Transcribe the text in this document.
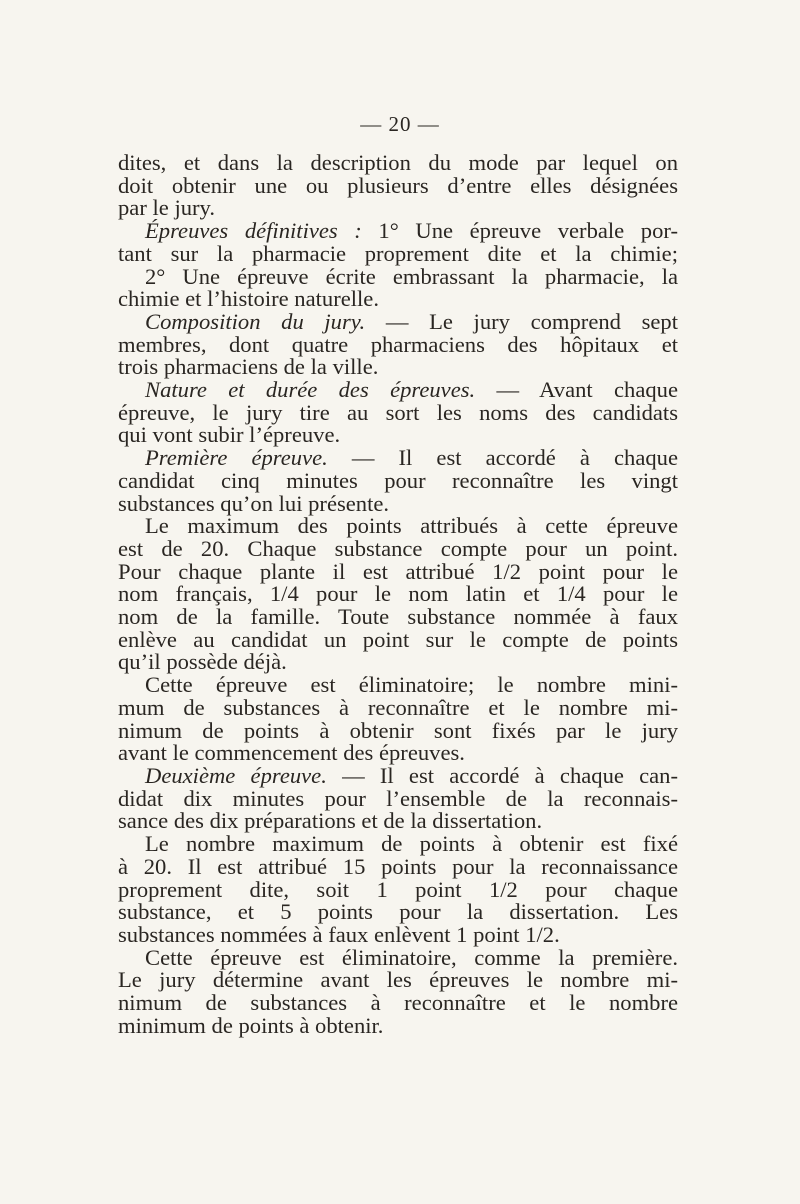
— 20 —
dites, et dans la description du mode par lequel on
doit obtenir une ou plusieurs d’entre elles désignées
par le jury.
Épreuves définitives : 1° Une épreuve verbale por-
tant sur la pharmacie proprement dite et la chimie;
2° Une épreuve écrite embrassant la pharmacie, la
chimie et l’histoire naturelle.
Composition du jury. — Le jury comprend sept
membres, dont quatre pharmaciens des hôpitaux et
trois pharmaciens de la ville.
Nature et durée des épreuves. — Avant chaque
épreuve, le jury tire au sort les noms des candidats
qui vont subir l’épreuve.
Première épreuve. — Il est accordé à chaque
candidat cinq minutes pour reconnaître les vingt
substances qu’on lui présente.
Le maximum des points attribués à cette épreuve
est de 20. Chaque substance compte pour un point.
Pour chaque plante il est attribué 1/2 point pour le
nom français, 1/4 pour le nom latin et 1/4 pour le
nom de la famille. Toute substance nommée à faux
enlève au candidat un point sur le compte de points
qu’il possède déjà.
Cette épreuve est éliminatoire; le nombre mini-
mum de substances à reconnaître et le nombre mi-
nimum de points à obtenir sont fixés par le jury
avant le commencement des épreuves.
Deuxième épreuve. — Il est accordé à chaque can-
didat dix minutes pour l’ensemble de la reconnais-
sance des dix préparations et de la dissertation.
Le nombre maximum de points à obtenir est fixé
à 20. Il est attribué 15 points pour la reconnaissance
proprement dite, soit 1 point 1/2 pour chaque
substance, et 5 points pour la dissertation. Les
substances nommées à faux enlèvent 1 point 1/2.
Cette épreuve est éliminatoire, comme la première.
Le jury détermine avant les épreuves le nombre mi-
nimum de substances à reconnaître et le nombre
minimum de points à obtenir.
